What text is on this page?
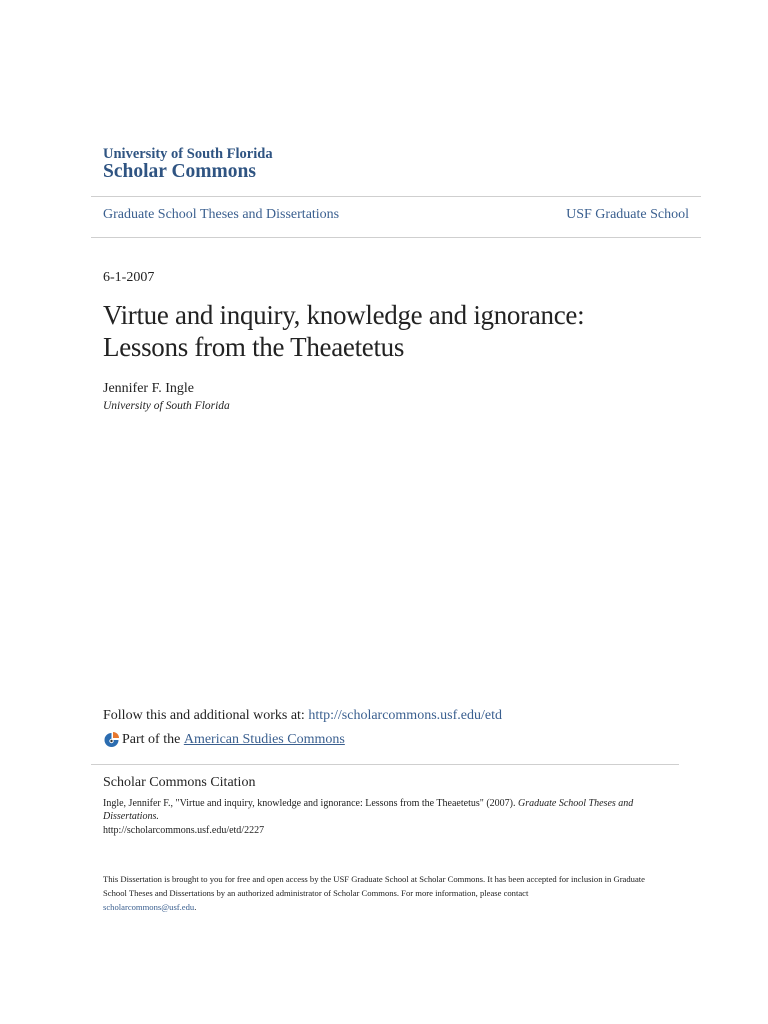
University of South Florida
Scholar Commons
Graduate School Theses and Dissertations	USF Graduate School
6-1-2007
Virtue and inquiry, knowledge and ignorance:
Lessons from the Theaetetus
Jennifer F. Ingle
University of South Florida
Follow this and additional works at: http://scholarcommons.usf.edu/etd
Part of the
American Studies Commons
Scholar Commons Citation
Ingle, Jennifer F., "Virtue and inquiry, knowledge and ignorance: Lessons from the Theaetetus" (2007). Graduate School Theses and Dissertations.
http://scholarcommons.usf.edu/etd/2227
This Dissertation is brought to you for free and open access by the USF Graduate School at Scholar Commons. It has been accepted for inclusion in Graduate School Theses and Dissertations by an authorized administrator of Scholar Commons. For more information, please contact
scholarcommons@usf.edu.
